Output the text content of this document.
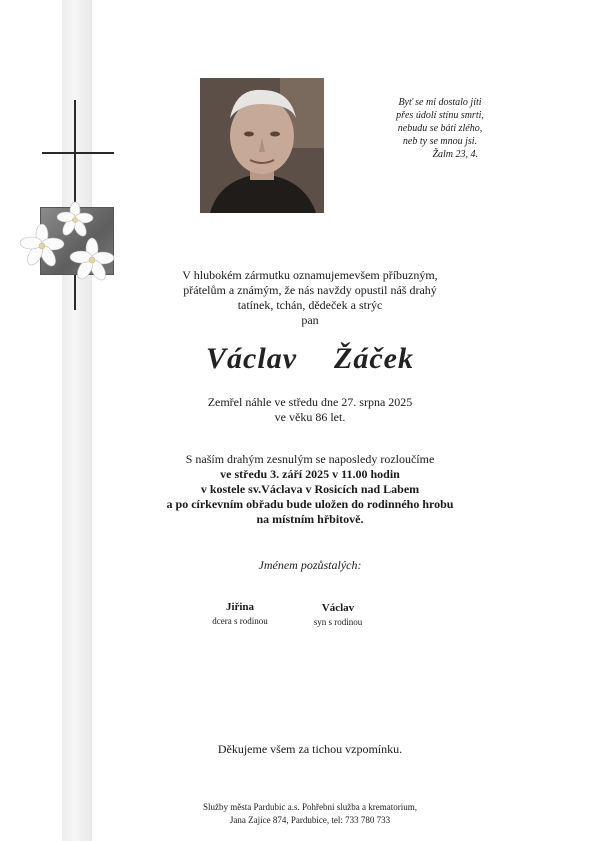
Byť se mi dostalo jíti
přes údolí stínu smrti,
nebudu se báti zlého,
neb ty se mnou jsi.
Žalm 23, 4.
V hlubokém zármutku oznamujemevšem příbuzným,
přátelům a známým, že nás navždy opustil náš drahý
tatínek, tchán, dědeček a strýc
pan
Václav  Žáček
Zemřel náhle ve středu dne 27. srpna 2025
ve věku 86 let.
S naším drahým zesnulým se naposledy rozloučíme
ve středu 3. září 2025 v 11.00 hodin
v kostele sv.Václava v Rosicích nad Labem
a po církevním obřadu bude uložen do rodinného hrobu
na místním hřbitově.
Jménem pozůstalých:
Jiřina
dcera s rodinou
Václav
syn s rodinou
Děkujeme všem za tichou vzpomínku.
Služby města Pardubic a.s. Pohřební služba a krematorium,
Jana Zajíce 874, Pardubice, tel: 733 780 733
